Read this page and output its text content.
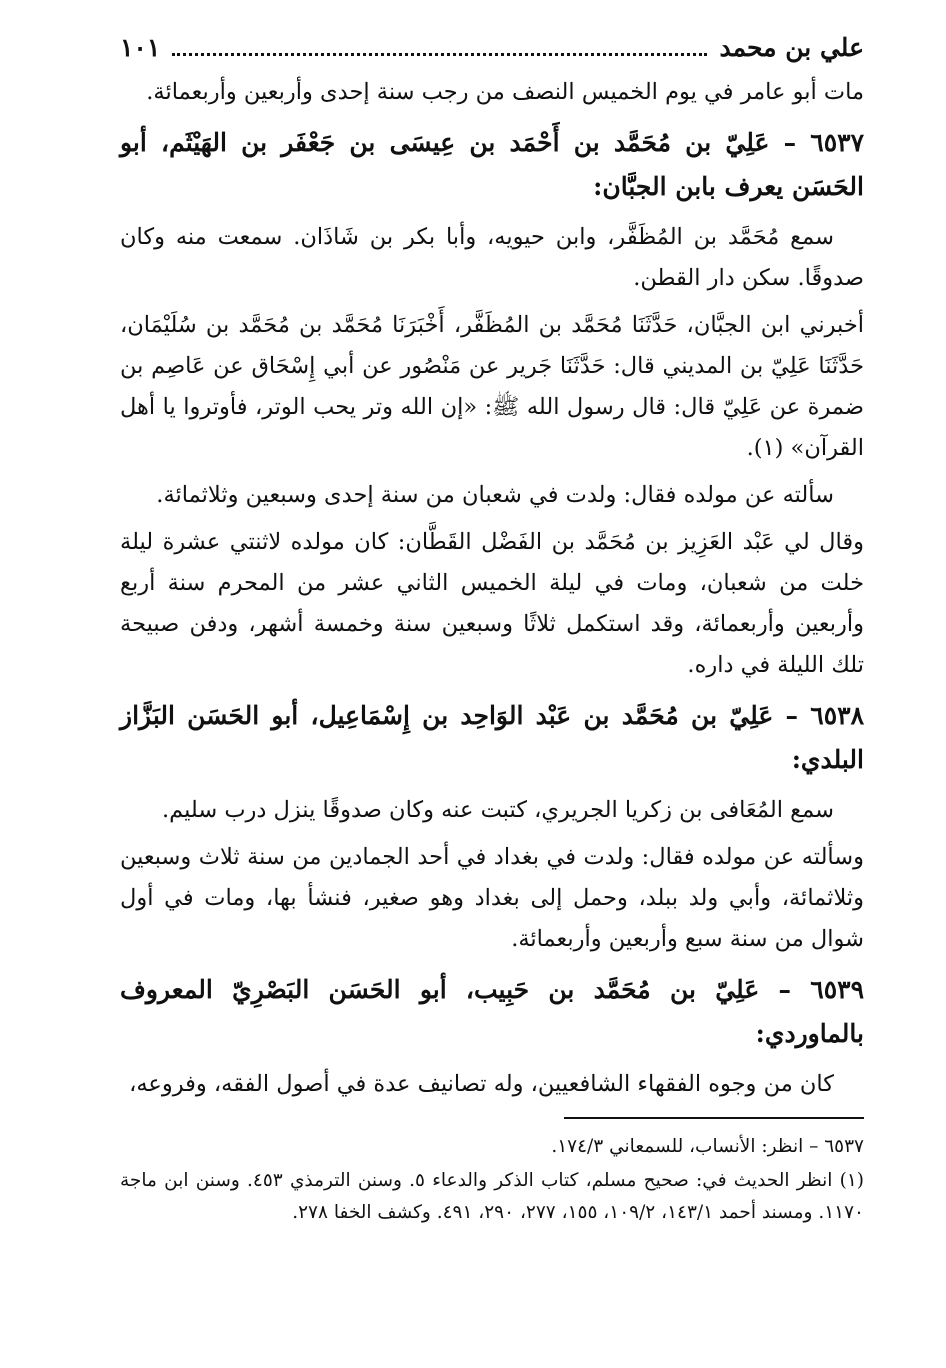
علي بن محمد
١٠١

مات أبو عامر في يوم الخميس النصف من رجب سنة إحدى وأربعين وأربعمائة.

٦٥٣٧ – عَلِيّ بن مُحَمَّد بن أَحْمَد بن عِيسَى بن جَعْفَر بن الهَيْثَم، أبو الحَسَن يعرف بابن الجبَّان:

سمع مُحَمَّد بن المُظَفَّر، وابن حيويه، وأبا بكر بن شَاذَان. سمعت منه وكان صدوقًا. سكن دار القطن.

أخبرني ابن الجبَّان، حَدَّثَنَا مُحَمَّد بن المُظَفَّر، أَخْبَرَنَا مُحَمَّد بن مُحَمَّد بن سُلَيْمَان، حَدَّثَنَا عَلِيّ بن المديني قال: حَدَّثَنَا جَرير عن مَنْصُور عن أبي إِسْحَاق عن عَاصِم بن ضمرة عن عَلِيّ قال: قال رسول الله ﷺ: «إن الله وتر يحب الوتر، فأوتروا يا أهل القرآن» (١).

سألته عن مولده فقال: ولدت في شعبان من سنة إحدى وسبعين وثلاثمائة.

وقال لي عَبْد العَزِيز بن مُحَمَّد بن الفَضْل القَطَّان: كان مولده لاثنتي عشرة ليلة خلت من شعبان، ومات في ليلة الخميس الثاني عشر من المحرم سنة أربع وأربعين وأربعمائة، وقد استكمل ثلاثًا وسبعين سنة وخمسة أشهر، ودفن صبيحة تلك الليلة في داره.

٦٥٣٨ – عَلِيّ بن مُحَمَّد بن عَبْد الوَاحِد بن إِسْمَاعِيل، أبو الحَسَن البَزَّاز البلدي:

سمع المُعَافى بن زكريا الجريري، كتبت عنه وكان صدوقًا ينزل درب سليم.

وسألته عن مولده فقال: ولدت في بغداد في أحد الجمادين من سنة ثلاث وسبعين وثلاثمائة، وأبي ولد ببلد، وحمل إلى بغداد وهو صغير، فنشأ بها، ومات في أول شوال من سنة سبع وأربعين وأربعمائة.

٦٥٣٩ – عَلِيّ بن مُحَمَّد بن حَبِيب، أبو الحَسَن البَصْرِيّ المعروف بالماوردي:

كان من وجوه الفقهاء الشافعيين، وله تصانيف عدة في أصول الفقه، وفروعه،

٦٥٣٧ – انظر: الأنساب، للسمعاني ١٧٤/٣.

(١) انظر الحديث في: صحيح مسلم، كتاب الذكر والدعاء ٥. وسنن الترمذي ٤٥٣. وسنن ابن ماجة ١١٧٠. ومسند أحمد ١٤٣/١، ١٠٩/٢، ١٥٥، ٢٧٧، ٢٩٠، ٤٩١. وكشف الخفا ٢٧٨.
